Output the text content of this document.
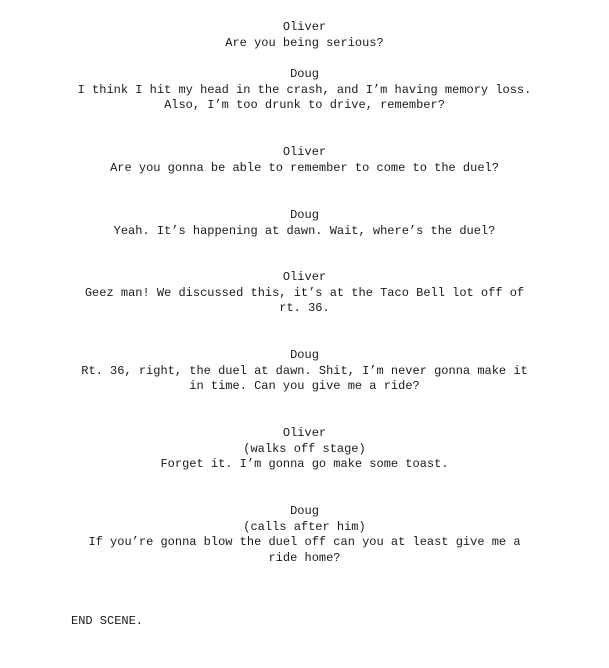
Oliver
Are you being serious?
Doug
I think I hit my head in the crash, and I’m having memory loss.
Also, I’m too drunk to drive, remember?
Oliver
Are you gonna be able to remember to come to the duel?
Doug
Yeah. It’s happening at dawn. Wait, where’s the duel?
Oliver
Geez man! We discussed this, it’s at the Taco Bell lot off of
rt. 36.
Doug
Rt. 36, right, the duel at dawn. Shit, I’m never gonna make it
in time. Can you give me a ride?
Oliver
(walks off stage)
Forget it. I’m gonna go make some toast.
Doug
(calls after him)
If you’re gonna blow the duel off can you at least give me a
ride home?
END SCENE.
